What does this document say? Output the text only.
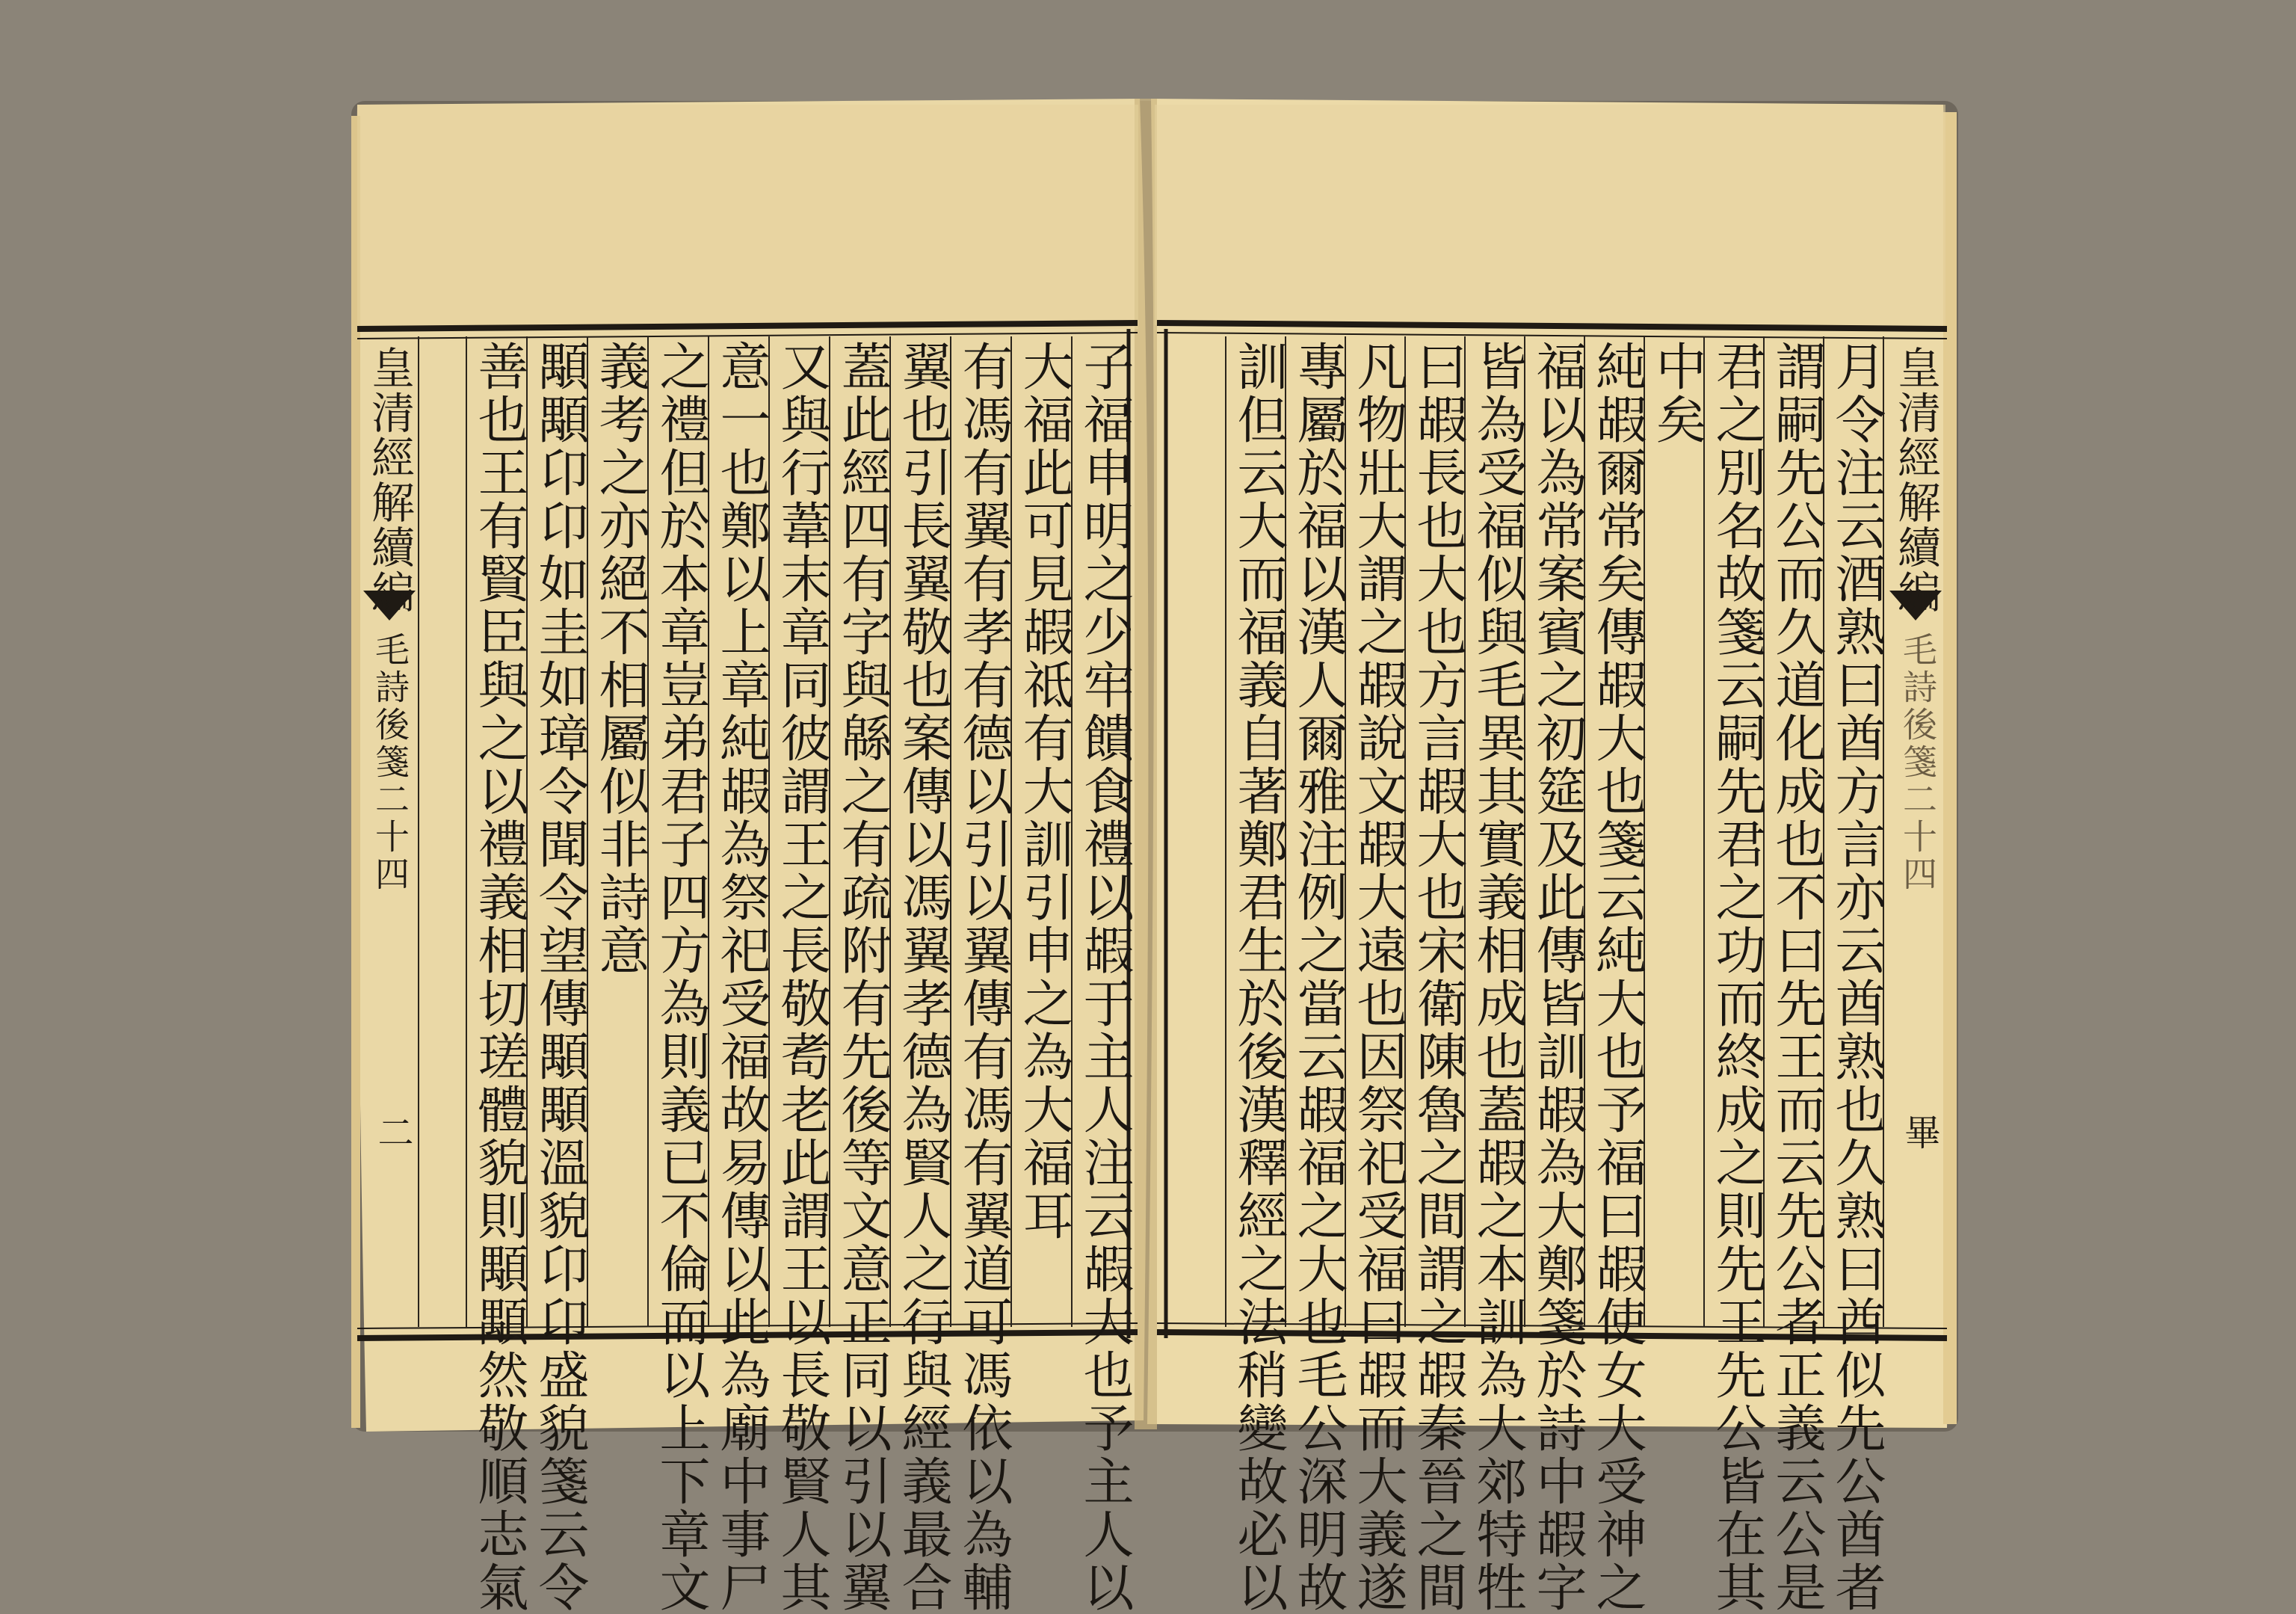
皇清經解續編
毛詩後箋二十四
二	子福申明之少牢饋食禮以嘏于主人注云嘏大也予主人以
大福此可見嘏祗有大訓引申之為大福耳
有馮有翼有孝有德以引以翼傳有馮有翼道可馮依以為輔
翼也引長翼敬也案傳以馮翼孝德為賢人之行與經義最合
蓋此經四有字與緜之有疏附有先後等文意正同以引以翼
又與行葦末章同彼謂王之長敬耉老此謂王以長敬賢人其
意一也鄭以上章純嘏為祭祀受福故易傳以此為廟中事尸
之禮但於本章豈弟君子四方為則義已不倫而以上下章文
義考之亦絕不相屬似非詩意
顒顒卬卬如圭如璋令聞令望傳顒顒溫貌卬卬盛貌箋云令
善也王有賢臣與之以禮義相切瑳體貌則顒顒然敬順志氣	皇清經解續編
毛詩後箋二十四
畢
月令注云酒熟曰酋方言亦云酋熟也久熟曰酋似先公酋者
謂嗣先公而久道化成也不曰先王而云先公者正義云公是
君之別名故箋云嗣先君之功而終成之則先王先公皆在其
中矣
純嘏爾常矣傳嘏大也箋云純大也予福曰嘏使女大受神之
福以為常案賓之初筵及此傳皆訓嘏為大鄭箋於詩中嘏字
皆為受福似與毛異其實義相成也蓋嘏之本訓為大郊特牲
曰嘏長也大也方言嘏大也宋衛陳魯之間謂之嘏秦晉之間
凡物壯大謂之嘏說文嘏大遠也因祭祀受福曰嘏而大義遂
專屬於福以漢人爾雅注例之當云嘏福之大也毛公深明故
訓但云大而福義自著鄭君生於後漢釋經之法稍變故必以
